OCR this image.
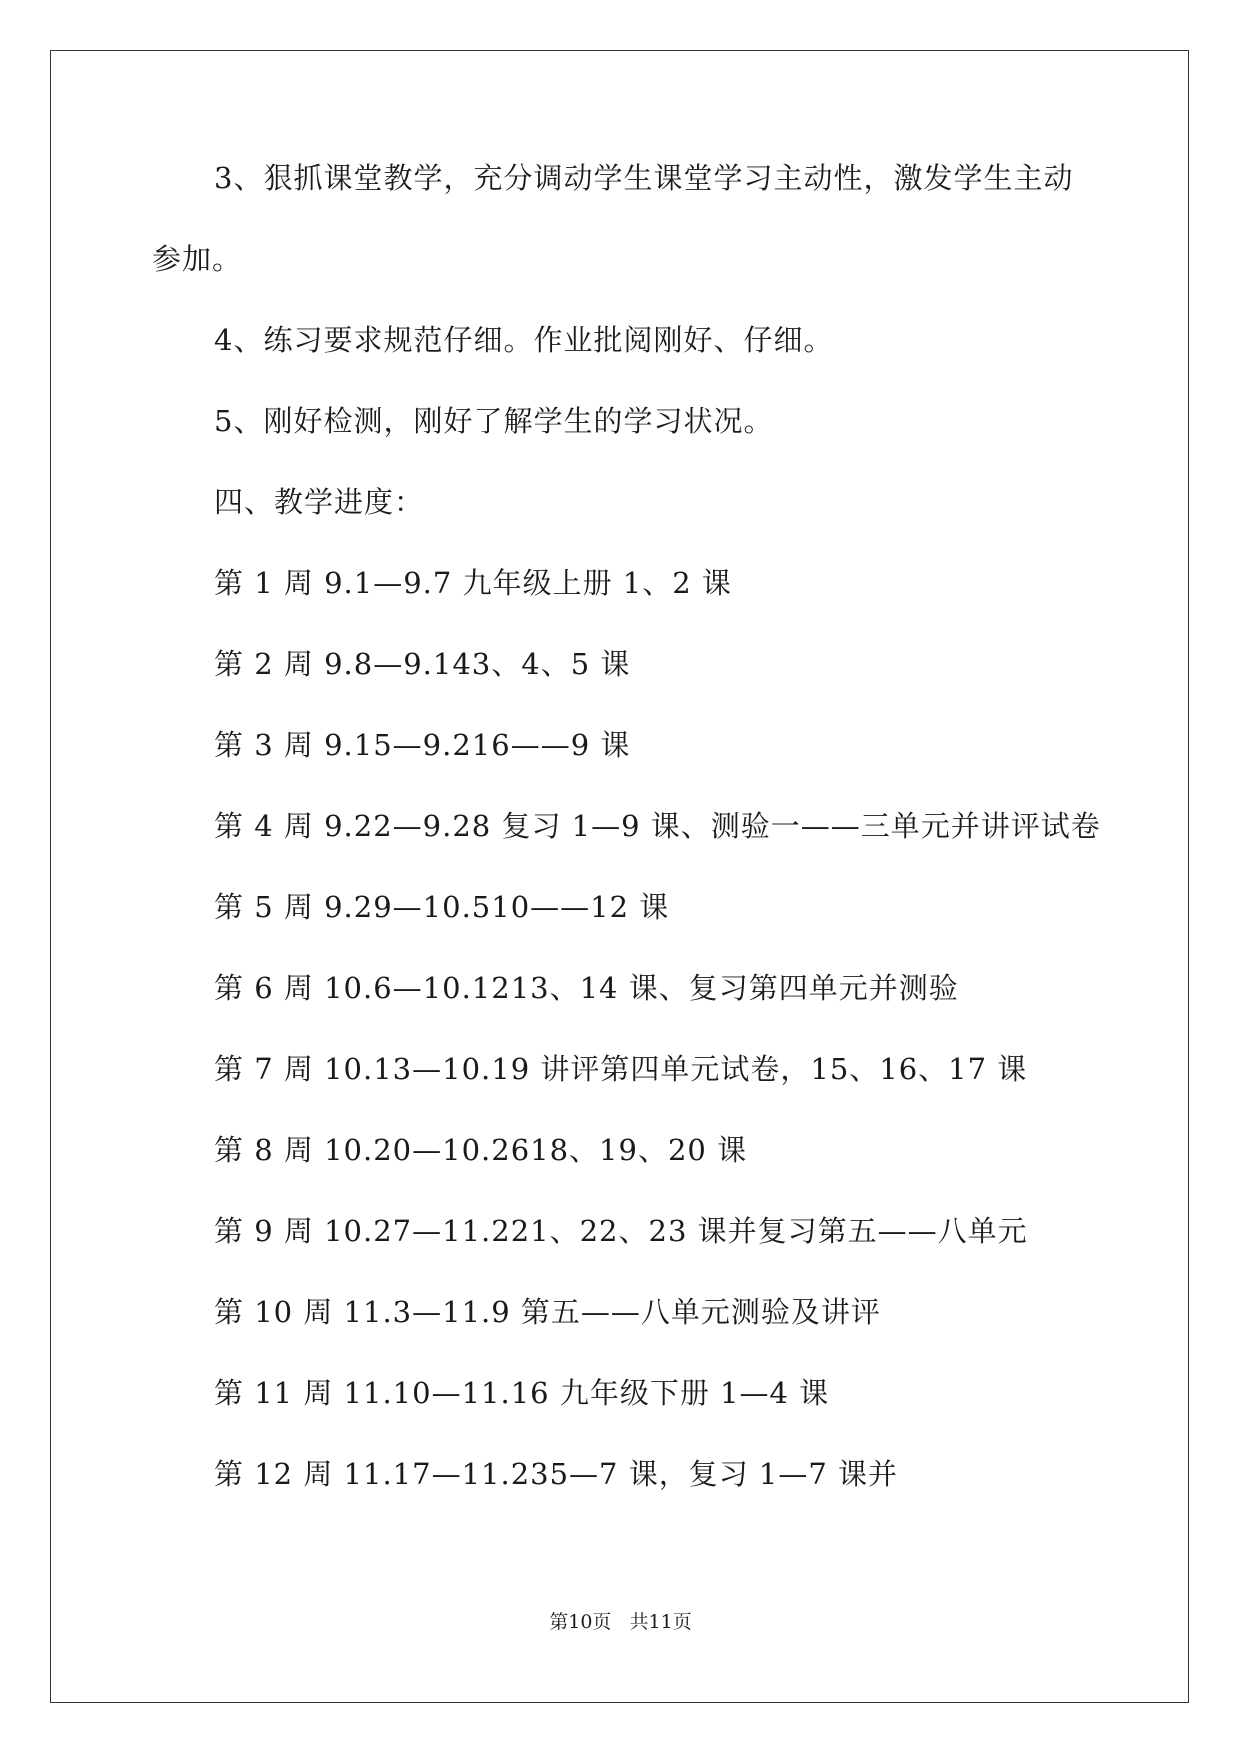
3、狠抓课堂教学，充分调动学生课堂学习主动性，激发学生主动
参加。
4、练习要求规范仔细。作业批阅刚好、仔细。
5、刚好检测，刚好了解学生的学习状况。
四、教学进度：
第 1 周 9.1—9.7 九年级上册 1、2 课
第 2 周 9.8—9.143、4、5 课
第 3 周 9.15—9.216——9 课
第 4 周 9.22—9.28 复习 1—9 课、测验一——三单元并讲评试卷
第 5 周 9.29—10.510——12 课
第 6 周 10.6—10.1213、14 课、复习第四单元并测验
第 7 周 10.13—10.19 讲评第四单元试卷，15、16、17 课
第 8 周 10.20—10.2618、19、20 课
第 9 周 10.27—11.221、22、23 课并复习第五——八单元
第 10 周 11.3—11.9 第五——八单元测验及讲评
第 11 周 11.10—11.16 九年级下册 1—4 课
第 12 周 11.17—11.235—7 课，复习 1—7 课并
第10页   共11页
